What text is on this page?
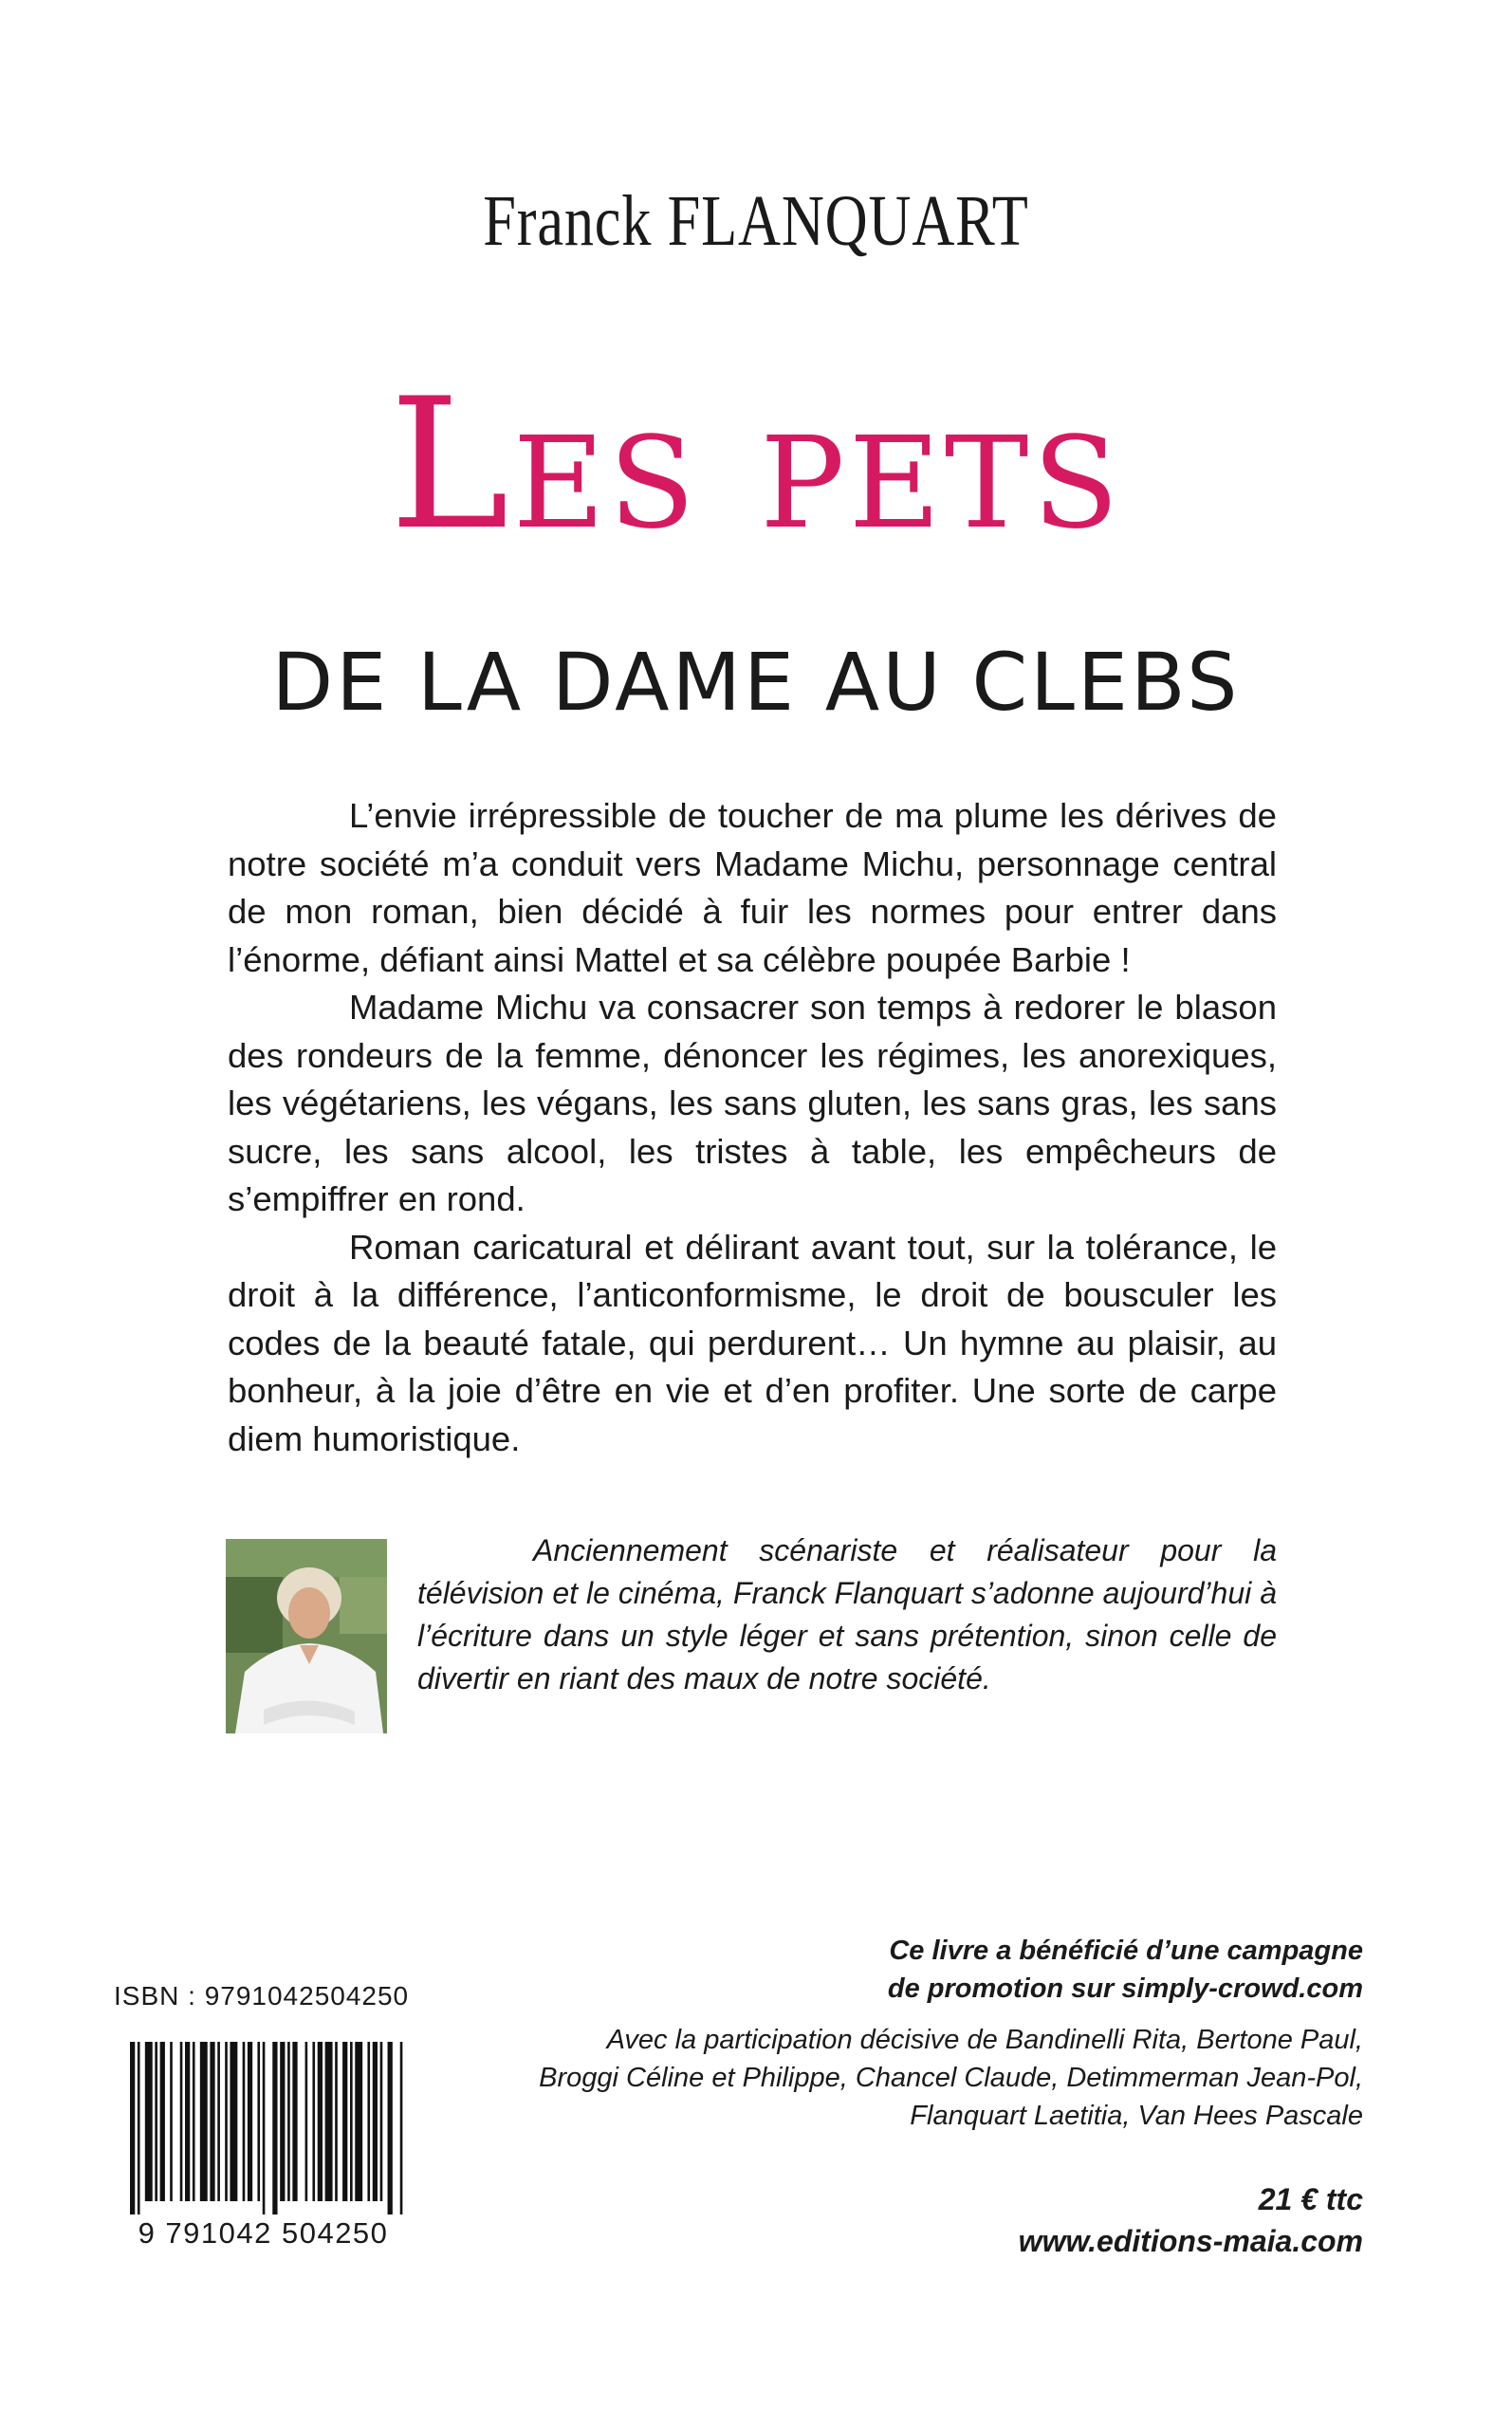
Franck FLANQUART
Les pets
DE LA DAME AU CLEBS

L’envie irrépressible de toucher de ma plume les dérives de notre société m’a conduit vers Madame Michu, personnage central de mon roman, bien décidé à fuir les normes pour entrer dans l’énorme, défiant ainsi Mattel et sa célèbre poupée Barbie !

Madame Michu va consacrer son temps à redorer le blason des rondeurs de la femme, dénoncer les régimes, les anorexiques, les végétariens, les végans, les sans gluten, les sans gras, les sans sucre, les sans alcool, les tristes à table, les empêcheurs de s’empiffrer en rond.

Roman caricatural et délirant avant tout, sur la tolérance, le droit à la différence, l’anticonformisme, le droit de bousculer les codes de la beauté fatale, qui perdurent… Un hymne au plaisir, au bonheur, à la joie d’être en vie et d’en profiter. Une sorte de carpe diem humoristique.

Anciennement scénariste et réalisateur pour la télévision et le cinéma, Franck Flanquart s’adonne aujourd’hui à l’écriture dans un style léger et sans prétention, sinon celle de divertir en riant des maux de notre société.

Ce livre a bénéficié d’une campagne
de promotion sur simply-crowd.com
Avec la participation décisive de Bandinelli Rita, Bertone Paul,
Broggi Céline et Philippe, Chancel Claude, Detimmerman Jean-Pol,
Flanquart Laetitia, Van Hees Pascale
21 € ttc
www.editions-maia.com
ISBN : 9791042504250
9 791042 504250
